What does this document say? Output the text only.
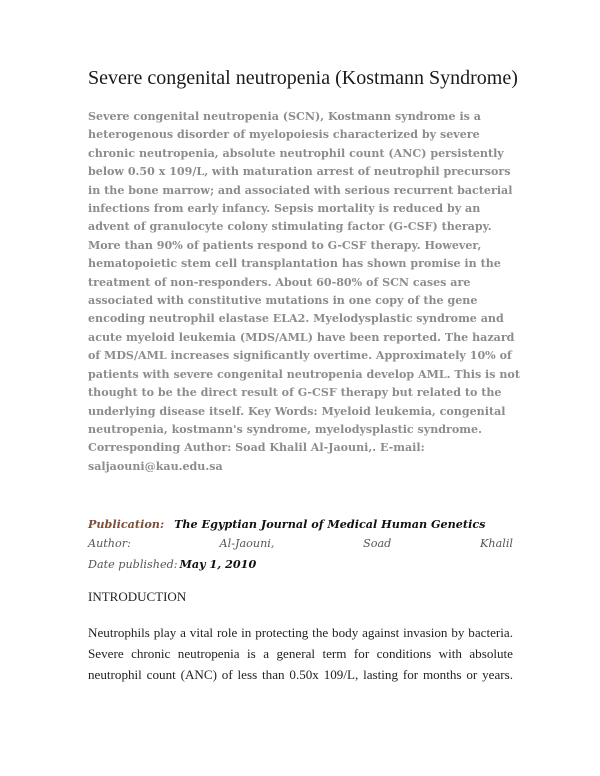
Severe congenital neutropenia (Kostmann Syndrome)
Severe congenital neutropenia (SCN), Kostmann syndrome is a
heterogenous disorder of myelopoiesis characterized by severe
chronic neutropenia, absolute neutrophil count (ANC) persistently
below 0.50 x 109/L, with maturation arrest of neutrophil precursors
in the bone marrow; and associated with serious recurrent bacterial
infections from early infancy. Sepsis mortality is reduced by an
advent of granulocyte colony stimulating factor (G-CSF) therapy.
More than 90% of patients respond to G-CSF therapy. However,
hematopoietic stem cell transplantation has shown promise in the
treatment of non-responders. About 60-80% of SCN cases are
associated with constitutive mutations in one copy of the gene
encoding neutrophil elastase ELA2. Myelodysplastic syndrome and
acute myeloid leukemia (MDS/AML) have been reported. The hazard
of MDS/AML increases significantly overtime. Approximately 10% of
patients with severe congenital neutropenia develop AML. This is not
thought to be the direct result of G-CSF therapy but related to the
underlying disease itself. Key Words: Myeloid leukemia, congenital
neutropenia, kostmann's syndrome, myelodysplastic syndrome.
Corresponding Author: Soad Khalil Al-Jaouni,. E-mail:
saljaouni@kau.edu.sa
Publication: The Egyptian Journal of Medical Human Genetics
Author:	Al-Jaouni,	Soad	Khalil
Date published: May 1, 2010
INTRODUCTION
Neutrophils play a vital role in protecting the body against invasion by bacteria.
Severe chronic neutropenia is a general term for conditions with absolute
neutrophil count (ANC) of less than 0.50x 109/L, lasting for months or years.
